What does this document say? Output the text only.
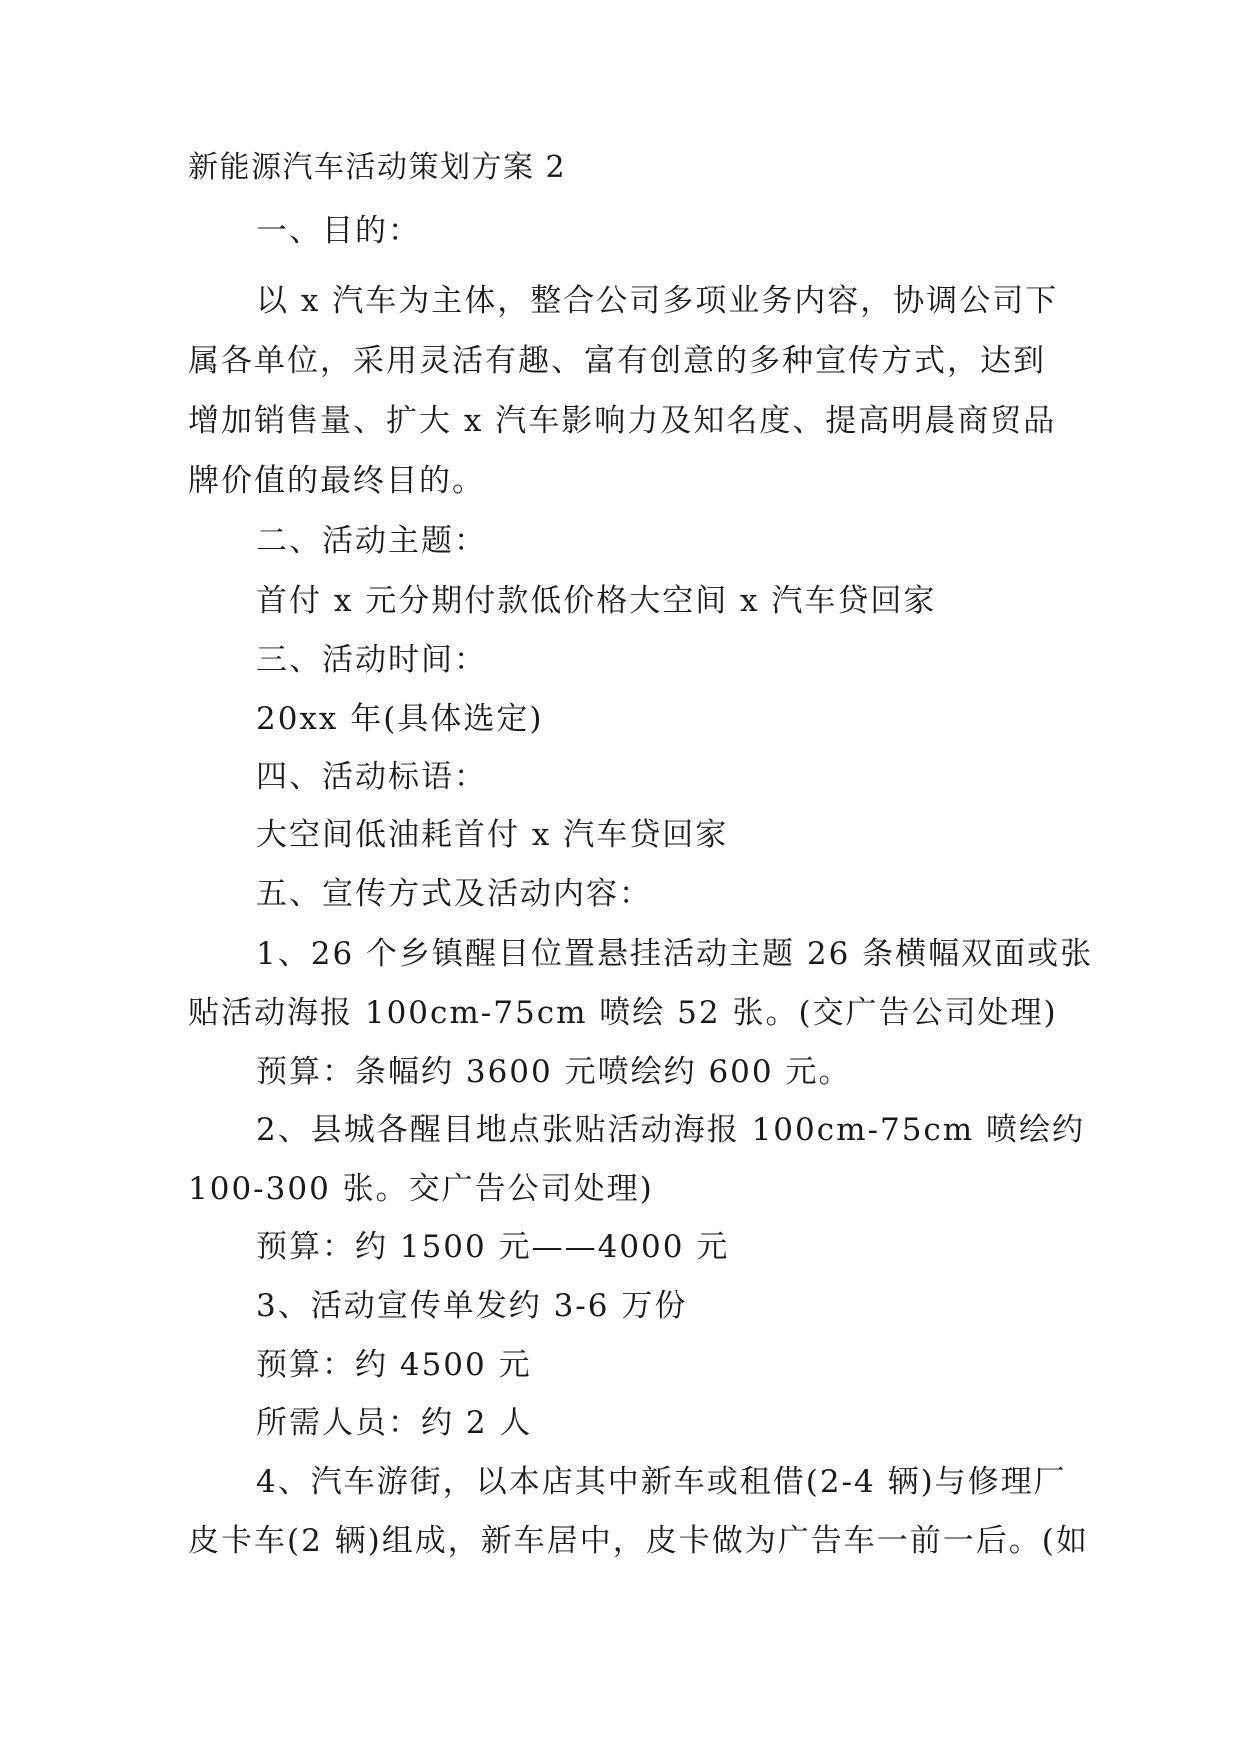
新能源汽车活动策划方案 2
一、目的：
以 x 汽车为主体，整合公司多项业务内容，协调公司下
属各单位，采用灵活有趣、富有创意的多种宣传方式，达到
增加销售量、扩大 x 汽车影响力及知名度、提高明晨商贸品
牌价值的最终目的。
二、活动主题：
首付 x 元分期付款低价格大空间 x 汽车贷回家
三、活动时间：
20xx 年(具体选定)
四、活动标语：
大空间低油耗首付 x 汽车贷回家
五、宣传方式及活动内容：
1、26 个乡镇醒目位置悬挂活动主题 26 条横幅双面或张
贴活动海报 100cm-75cm 喷绘 52 张。(交广告公司处理)
预算：条幅约 3600 元喷绘约 600 元。
2、县城各醒目地点张贴活动海报 100cm-75cm 喷绘约
100-300 张。交广告公司处理)
预算：约 1500 元——4000 元
3、活动宣传单发约 3-6 万份
预算：约 4500 元
所需人员：约 2 人
4、汽车游街，以本店其中新车或租借(2-4 辆)与修理厂
皮卡车(2 辆)组成，新车居中，皮卡做为广告车一前一后。(如
